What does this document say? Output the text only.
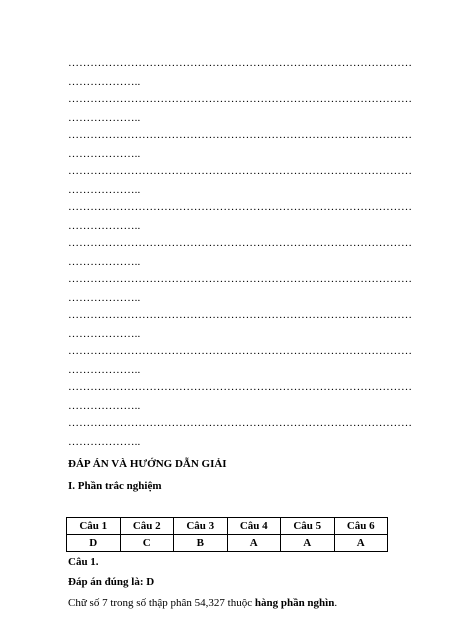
…………………………………………………………………………………
………………..
…………………………………………………………………………………
………………..
…………………………………………………………………………………
………………..
…………………………………………………………………………………
………………..
…………………………………………………………………………………
………………..
…………………………………………………………………………………
………………..
…………………………………………………………………………………
………………..
…………………………………………………………………………………
………………..
…………………………………………………………………………………
………………..
…………………………………………………………………………………
………………..
…………………………………………………………………………………
………………..
ĐÁP ÁN VÀ HƯỚNG DẪN GIẢI
I. Phần trắc nghiệm
Câu 1	Câu 2	Câu 3	Câu 4	Câu 5	Câu 6
D	C	B	A	A	A
Câu 1.
Đáp án đúng là: D
Chữ số 7 trong số thập phân 54,327 thuộc hàng phần nghìn.
